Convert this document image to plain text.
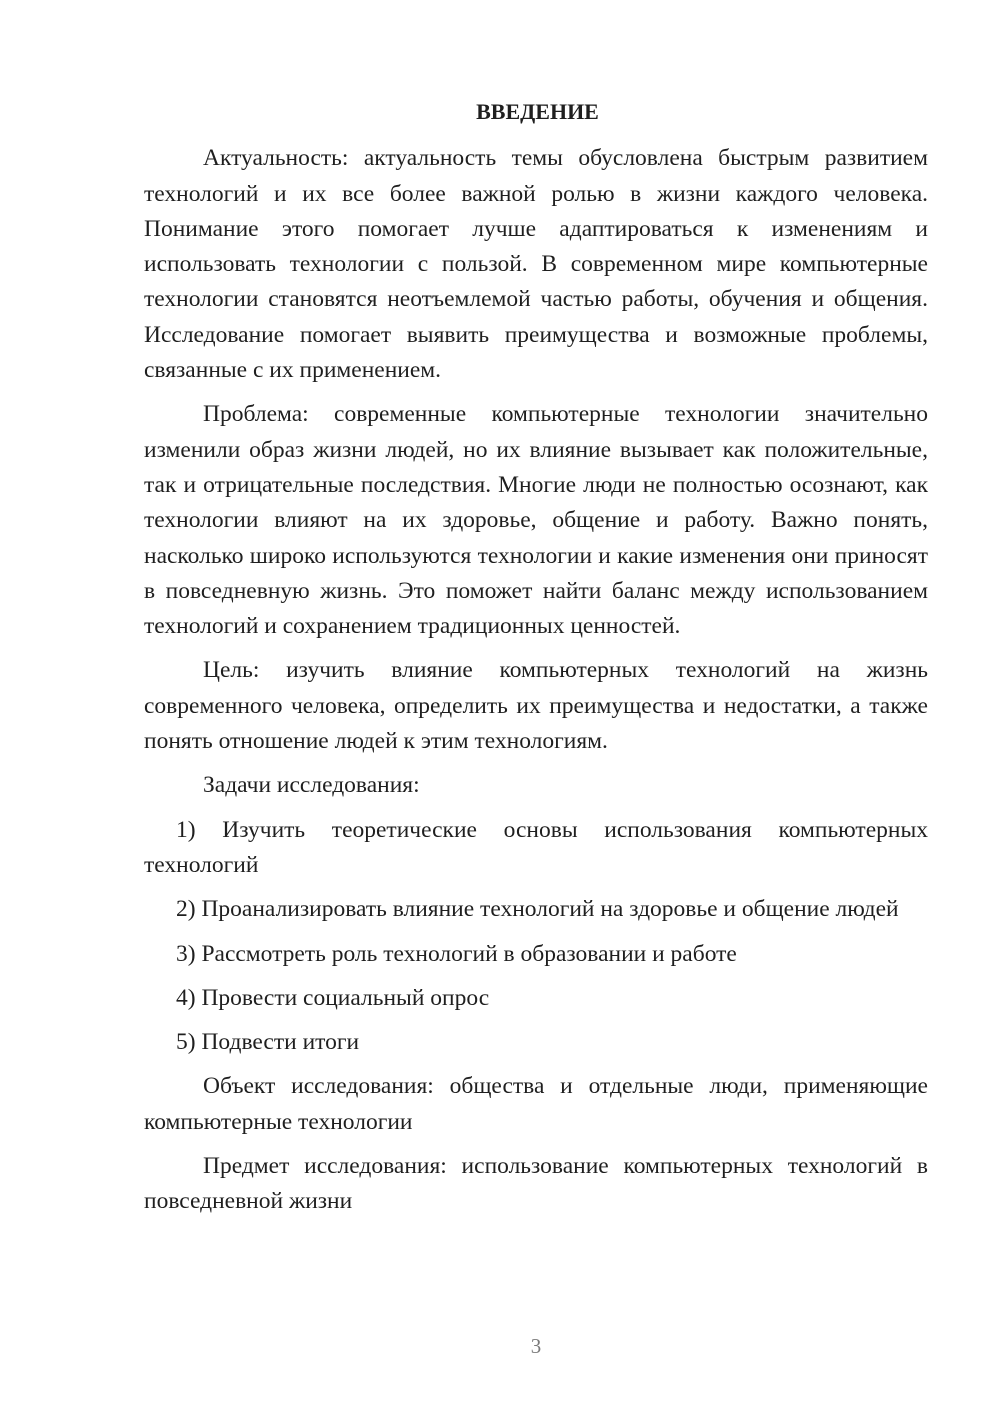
ВВЕДЕНИЕ

Актуальность: актуальность темы обусловлена быстрым развитием технологий и их все более важной ролью в жизни каждого человека. Понимание этого помогает лучше адаптироваться к изменениям и использовать технологии с пользой. В современном мире компьютерные технологии становятся неотъемлемой частью работы, обучения и общения. Исследование помогает выявить преимущества и возможные проблемы, связанные с их применением.

Проблема: современные компьютерные технологии значительно изменили образ жизни людей, но их влияние вызывает как положительные, так и отрицательные последствия. Многие люди не полностью осознают, как технологии влияют на их здоровье, общение и работу. Важно понять, насколько широко используются технологии и какие изменения они приносят в повседневную жизнь. Это поможет найти баланс между использованием технологий и сохранением традиционных ценностей.

Цель: изучить влияние компьютерных технологий на жизнь современного человека, определить их преимущества и недостатки, а также понять отношение людей к этим технологиям.

Задачи исследования:

1) Изучить теоретические основы использования компьютерных технологий

2) Проанализировать влияние технологий на здоровье и общение людей

3) Рассмотреть роль технологий в образовании и работе

4) Провести социальный опрос

5) Подвести итоги

Объект исследования: общества и отдельные люди, применяющие компьютерные технологии

Предмет исследования: использование компьютерных технологий в повседневной жизни

3
